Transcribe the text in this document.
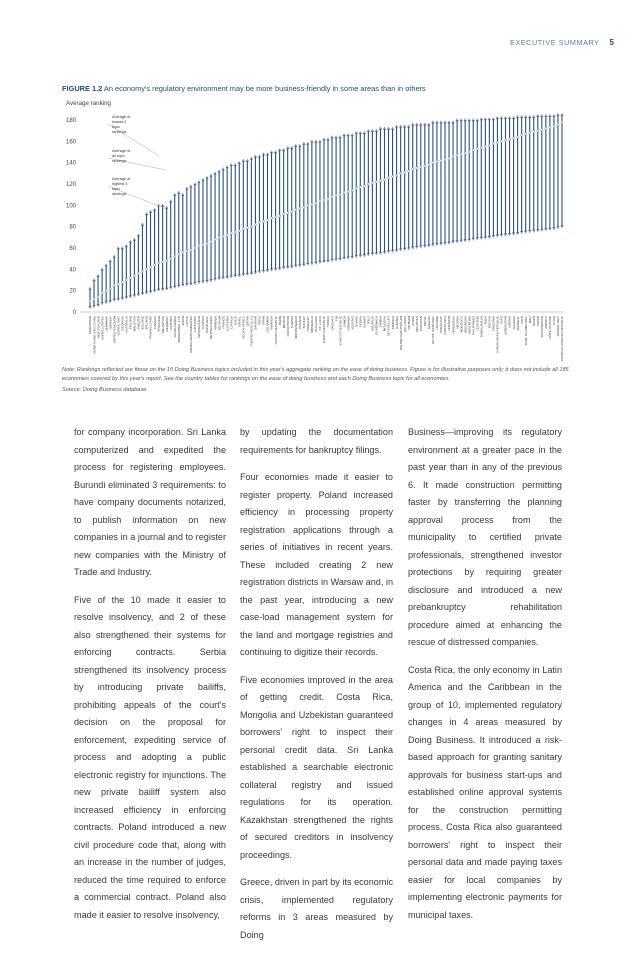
EXECUTIVE SUMMARY 5
FIGURE 1.2 An economy's regulatory environment may be more business-friendly in some areas than in others
Average ranking
0
20
40
60
80
100
120
140
160
180
SINGAPORE HONG KONG SAR, CHINA NEW ZEALAND UNITED STATES DENMARK NORWAY UNITED KINGDOM KOREA, REP. GEORGIA AUSTRALIA FINLAND MALAYSIA SWEDEN ICELAND IRELAND TAIWAN, CHINA CANADA THAILAND MAURITIUS GERMANY ESTONIA SAUDI ARABIA MACEDONIA, FYR JAPAN LATVIA UNITED ARAB EMIRATES LITHUANIA SWITZERLAND AUSTRIA PORTUGAL NETHERLANDS ARMENIA BELGIUM FRANCE SLOVENIA CYPRUS CHILE ISRAEL SOUTH AFRICA QATAR PUERTO RICO (U.S.) BAHRAIN PERU SPAIN COLOMBIA RWANDA SLOVAK REPUBLIC OMAN MEXICO KAZAKHSTAN TUNISIA MONTENEGRO POLAND TURKEY HUNGARY MONGOLIA BULGARIA ST. LUCIA CZECH REPUBLIC TONGA VANUATU FIJI KYRGYZ REPUBLIC SAMOA ROMANIA KOSOVO GHANA SERBIA KUWAIT ITALY BELARUS GUATEMALA ZAMBIA MOLDOVA SEYCHELLES JAMAICA ALBANIA BRUNEI DARUSSALAM SRI LANKA VIETNAM CHINA MALDIVES PAKISTAN NEPAL GREECE EGYPT, ARAB REP. UKRAINE PARAGUAY COSTA RICA LEBANON HONDURAS NIGERIA MOROCCO INDONESIA ARGENTINA PHILIPPINES LESOTHO BANGLADESH INDIA BOLIVIA TANZANIA SYRIAN ARAB REPUBLIC IRAQ UZBEKISTAN LIBERIA ALGERIA SENEGAL HAITI IRAN, ISLAMIC REP. MALI NIGER BENIN AFGHANISTAN ANGOLA CÔTE D'IVOIRE CHAD CONGO, REP. CENTRAL AFRICAN REPUBLIC
Average of
lowest 3
topic
rankings
Average of
all topic
rankings
Average of
highest 3
topic
rankings
Note: Rankings reflected are those on the 10 Doing Business topics included in this year's aggregate ranking on the ease of doing business. Figure is for illustrative purposes only; it does not include all 185 economies covered by this year's report. See the country tables for rankings on the ease of doing business and each Doing Business topic for all economies.
Source: Doing Business database.

for company incorporation. Sri Lanka computerized and expedited the process for registering employees. Burundi eliminated 3 requirements: to have company documents notarized, to publish information on new companies in a journal and to register new companies with the Ministry of Trade and Industry.

Five of the 10 made it easier to resolve insolvency, and 2 of these also strengthened their systems for enforcing contracts. Serbia strengthened its insolvency process by introducing private bailiffs, prohibiting appeals of the court's decision on the proposal for enforcement, expediting service of process and adopting a public electronic registry for injunctions. The new private bailiff system also increased efficiency in enforcing contracts. Poland introduced a new civil procedure code that, along with an increase in the number of judges, reduced the time required to enforce a commercial contract. Poland also made it easier to resolve insolvency,

by updating the documentation requirements for bankruptcy filings.

Four economies made it easier to register property. Poland increased efficiency in processing property registration applications through a series of initiatives in recent years. These included creating 2 new registration districts in Warsaw and, in the past year, introducing a new case-load management system for the land and mortgage registries and continuing to digitize their records.

Five economies improved in the area of getting credit. Costa Rica, Mongolia and Uzbekistan guaranteed borrowers' right to inspect their personal credit data. Sri Lanka established a searchable electronic collateral registry and issued regulations for its operation. Kazakhstan strengthened the rights of secured creditors in insolvency proceedings.

Greece, driven in part by its economic crisis, implemented regulatory reforms in 3 areas measured by Doing

Business—improving its regulatory environment at a greater pace in the past year than in any of the previous 6. It made construction permitting faster by transferring the planning approval process from the municipality to certified private professionals, strengthened investor protections by requiring greater disclosure and introduced a new prebankruptcy rehabilitation procedure aimed at enhancing the rescue of distressed companies.

Costa Rica, the only economy in Latin America and the Caribbean in the group of 10, implemented regulatory changes in 4 areas measured by Doing Business. It introduced a risk-based approach for granting sanitary approvals for business start-ups and established online approval systems for the construction permitting process. Costa Rica also guaranteed borrowers' right to inspect their personal data and made paying taxes easier for local companies by implementing electronic payments for municipal taxes.
